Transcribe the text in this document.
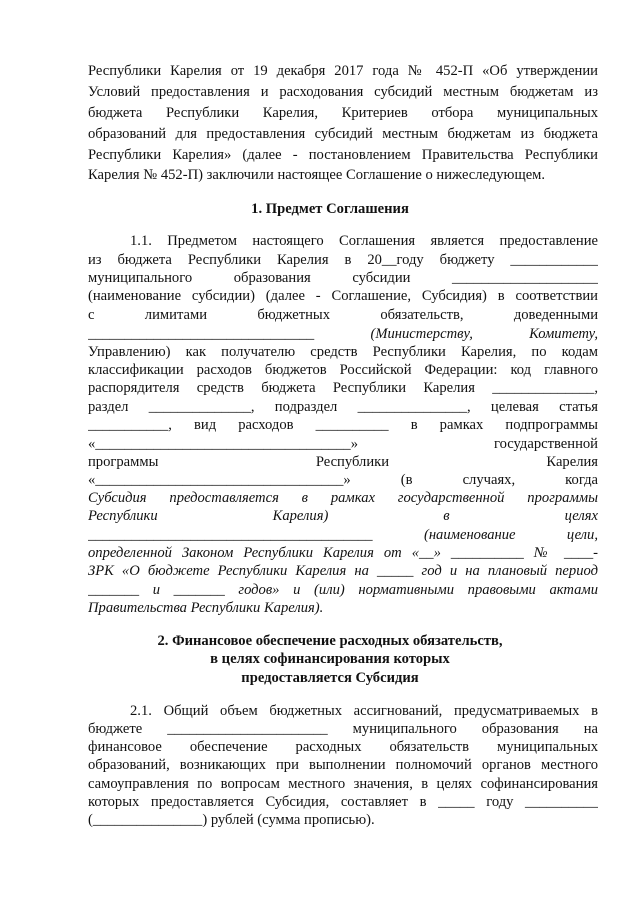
Республики Карелия от 19 декабря 2017 года № 452-П «Об утверждении
Условий предоставления и расходования субсидий местным бюджетам из
бюджета Республики Карелия, Критериев отбора муниципальных
образований для предоставления субсидий местным бюджетам из бюджета
Республики Карелия» (далее - постановлением Правительства Республики
Карелия № 452-П) заключили настоящее Соглашение о нижеследующем.
1. Предмет Соглашения
1.1. Предметом настоящего Соглашения является предоставление
из бюджета Республики Карелия в 20__году бюджету ____________
муниципального образования субсидии ____________________
(наименование субсидии) (далее - Соглашение, Субсидия) в соответствии
с лимитами бюджетных обязательств, доведенными
_______________________________ (Министерству, Комитету,
Управлению) как получателю средств Республики Карелия, по кодам
классификации расходов бюджетов Российской Федерации: код главного
распорядителя средств бюджета Республики Карелия ______________,
раздел ______________, подраздел _______________, целевая статья
___________, вид расходов __________ в рамках подпрограммы
«___________________________________» государственной
программы Республики Карелия
«__________________________________» (в случаях, когда
Субсидия предоставляется в рамках государственной программы
Республики Карелия) в целях
_______________________________________ (наименование цели,
определенной Законом Республики Карелия от «__» __________ № ____-
ЗРК «О бюджете Республики Карелия на _____ год и на плановый период
_______ и _______ годов» и (или) нормативными правовыми актами
Правительства Республики Карелия).
2. Финансовое обеспечение расходных обязательств,
в целях софинансирования которых
предоставляется Субсидия
2.1. Общий объем бюджетных ассигнований, предусматриваемых в
бюджете ______________________ муниципального образования на
финансовое обеспечение расходных обязательств муниципальных
образований, возникающих при выполнении полномочий органов местного
самоуправления по вопросам местного значения, в целях софинансирования
которых предоставляется Субсидия, составляет в _____ году __________
(_______________) рублей (сумма прописью).
